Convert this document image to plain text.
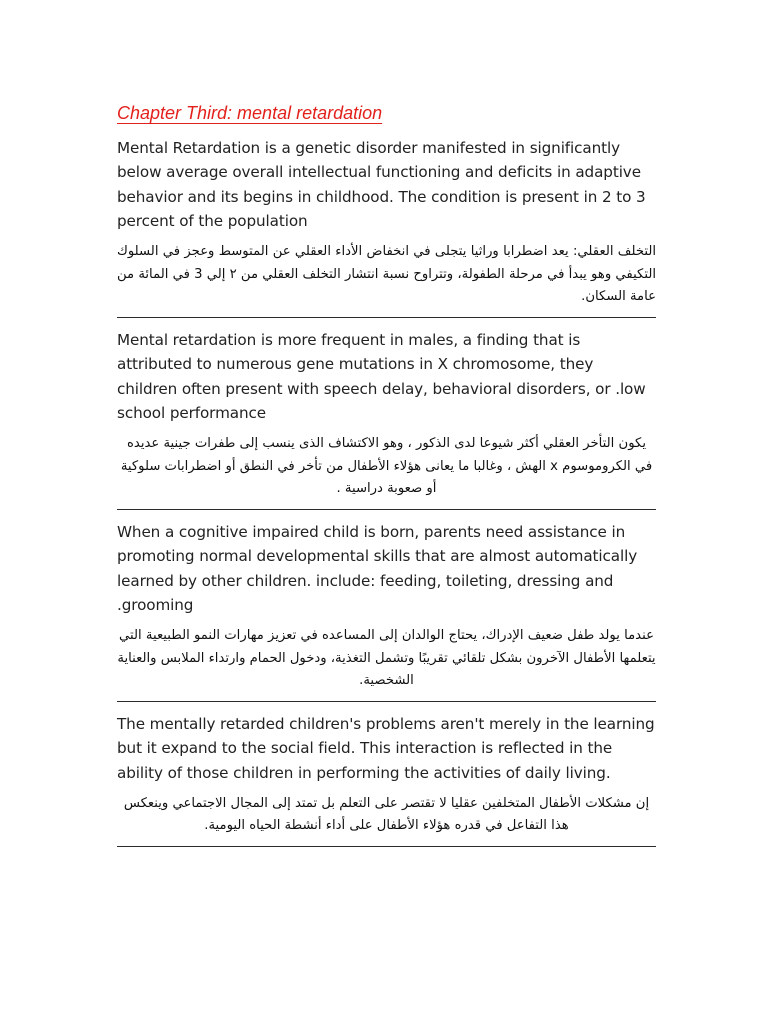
Chapter Third: mental retardation

Mental Retardation is a genetic disorder manifested in significantly below average overall intellectual functioning and deficits in adaptive behavior and its begins in childhood. The condition is present in 2 to 3 percent of the population

التخلف العقلي: يعد اضطرابا وراثيا يتجلى في انخفاض الأداء العقلي عن المتوسط وعجز في السلوك التكيفي وهو يبدأ في مرحلة الطفولة، وتتراوح نسبة انتشار التخلف العقلي من ٢ إلي 3 في المائة من عامة السكان.

Mental retardation is more frequent in males, a finding that is attributed to numerous gene mutations in X chromosome, they children often present with speech delay, behavioral disorders, or .low school performance

يكون التأخر العقلي أكثر شيوعا لدى الذكور ، وهو الاكتشاف الذى ينسب إلى طفرات جينية عديده في الكروموسوم x الهش ، وغالبا ما يعانى هؤلاء الأطفال من تأخر في النطق أو اضطرابات سلوكية أو صعوبة دراسية .

When a cognitive impaired child is born, parents need assistance in promoting normal developmental skills that are almost automatically learned by other children. include: feeding, toileting, dressing and .grooming

عندما يولد طفل ضعيف الإدراك، يحتاج الوالدان إلى المساعده في تعزيز مهارات النمو الطبيعية التي يتعلمها الأطفال الآخرون بشكل تلقائي تقريبًا وتشمل التغذية، ودخول الحمام وارتداء الملابس والعناية الشخصية.

The mentally retarded children's problems aren't merely in the learning but it expand to the social field. This interaction is reflected in the ability of those children in performing the activities of daily living.

إن مشكلات الأطفال المتخلفين عقليا لا تقتصر على التعلم بل تمتد إلى المجال الاجتماعي وينعكس هذا التفاعل في قدره هؤلاء الأطفال على أداء أنشطة الحياه اليومية.
